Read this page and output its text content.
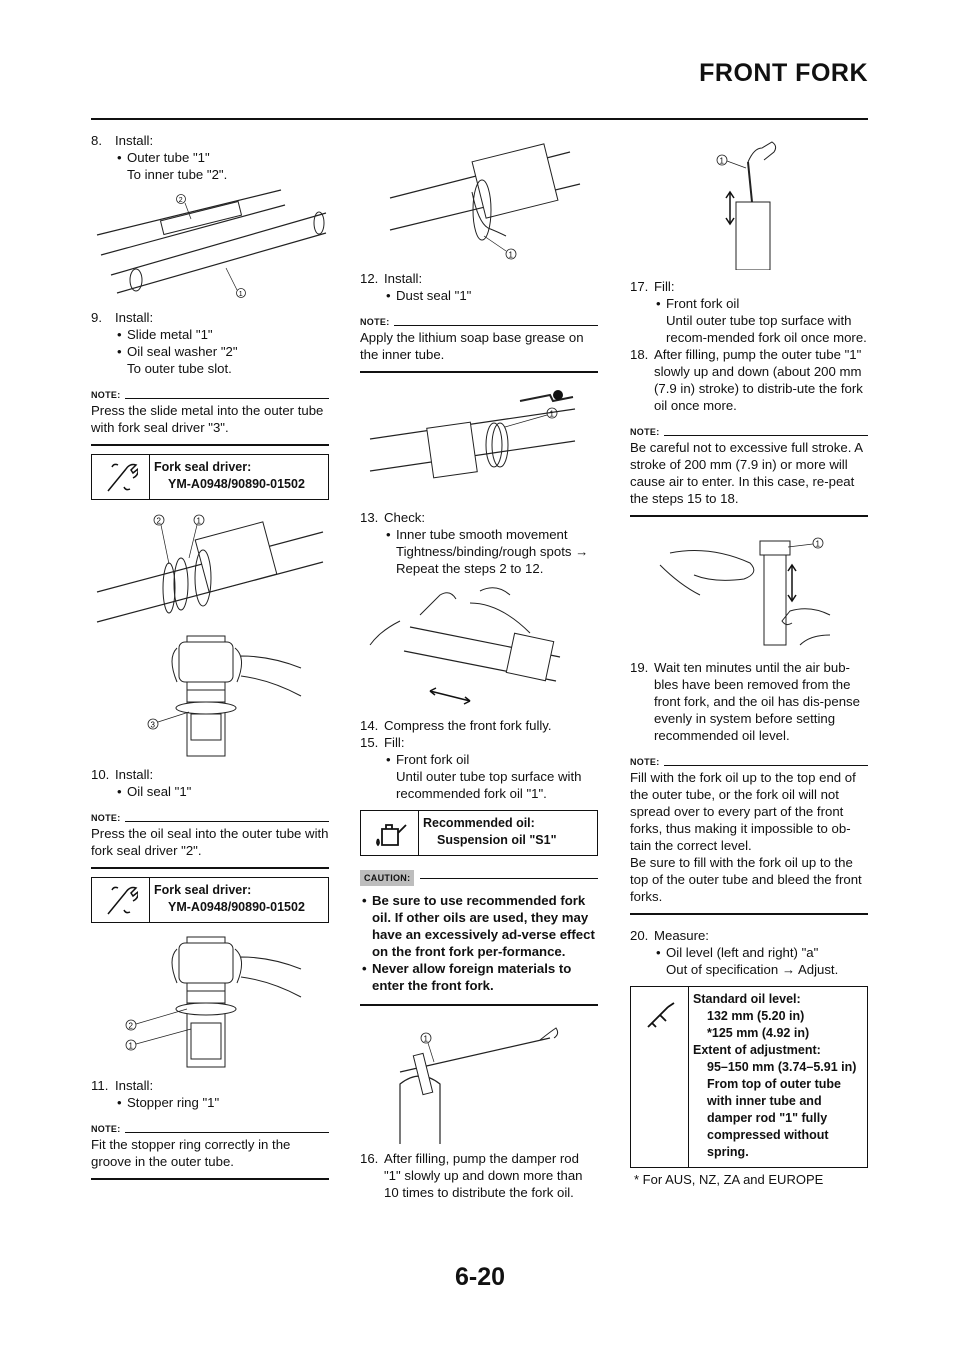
FRONT FORK
8. Install:
• Outer tube "1"
To inner tube "2".
2
1
9. Install:
• Slide metal "1"
• Oil seal washer "2"
To outer tube slot.
NOTE:
Press the slide metal into the outer tube with fork seal driver "3".
Fork seal driver:
YM-A0948/90890-01502
2	1
3
10. Install:
• Oil seal "1"
NOTE:
Press the oil seal into the outer tube with fork seal driver "2".
Fork seal driver:
YM-A0948/90890-01502
2
1
11. Install:
• Stopper ring "1"
NOTE:
Fit the stopper ring correctly in the groove in the outer tube.
1
12. Install:
• Dust seal "1"
NOTE:
Apply the lithium soap base grease on the inner tube.
1
13. Check:
• Inner tube smooth movement
Tightness/binding/rough spots →
Repeat the steps 2 to 12.
14. Compress the front fork fully.
15. Fill:
• Front fork oil
Until outer tube top surface with recommended fork oil "1".
Recommended oil:
Suspension oil "S1"
CAUTION:
• Be sure to use recommended fork oil. If other oils are used, they may have an excessively ad-verse effect on the front fork per-formance.
• Never allow foreign materials to enter the front fork.
1
16. After filling, pump the damper rod "1" slowly up and down more than 10 times to distribute the fork oil.
1
17. Fill:
• Front fork oil
Until outer tube top surface with recom-mended fork oil once more.
18. After filling, pump the outer tube "1" slowly up and down (about 200 mm (7.9 in) stroke) to distrib-ute the fork oil once more.
NOTE:
Be careful not to excessive full stroke. A stroke of 200 mm (7.9 in) or more will cause air to enter. In this case, re-peat the steps 15 to 18.
1
19. Wait ten minutes until the air bub-bles have been removed from the front fork, and the oil has dis-pense evenly in system before setting recommended oil level.
NOTE:
Fill with the fork oil up to the top end of the outer tube, or the fork oil will not spread over to every part of the front forks, thus making it impossible to ob-tain the correct level.
Be sure to fill with the fork oil up to the top of the outer tube and bleed the front forks.
20. Measure:
• Oil level (left and right) "a"
Out of specification → Adjust.
Standard oil level:
132 mm (5.20 in)
*125 mm (4.92 in)
Extent of adjustment:
95–150 mm (3.74–5.91 in)
From top of outer tube with inner tube and damper rod "1" fully compressed without spring.
* For AUS, NZ, ZA and EUROPE
6-20
